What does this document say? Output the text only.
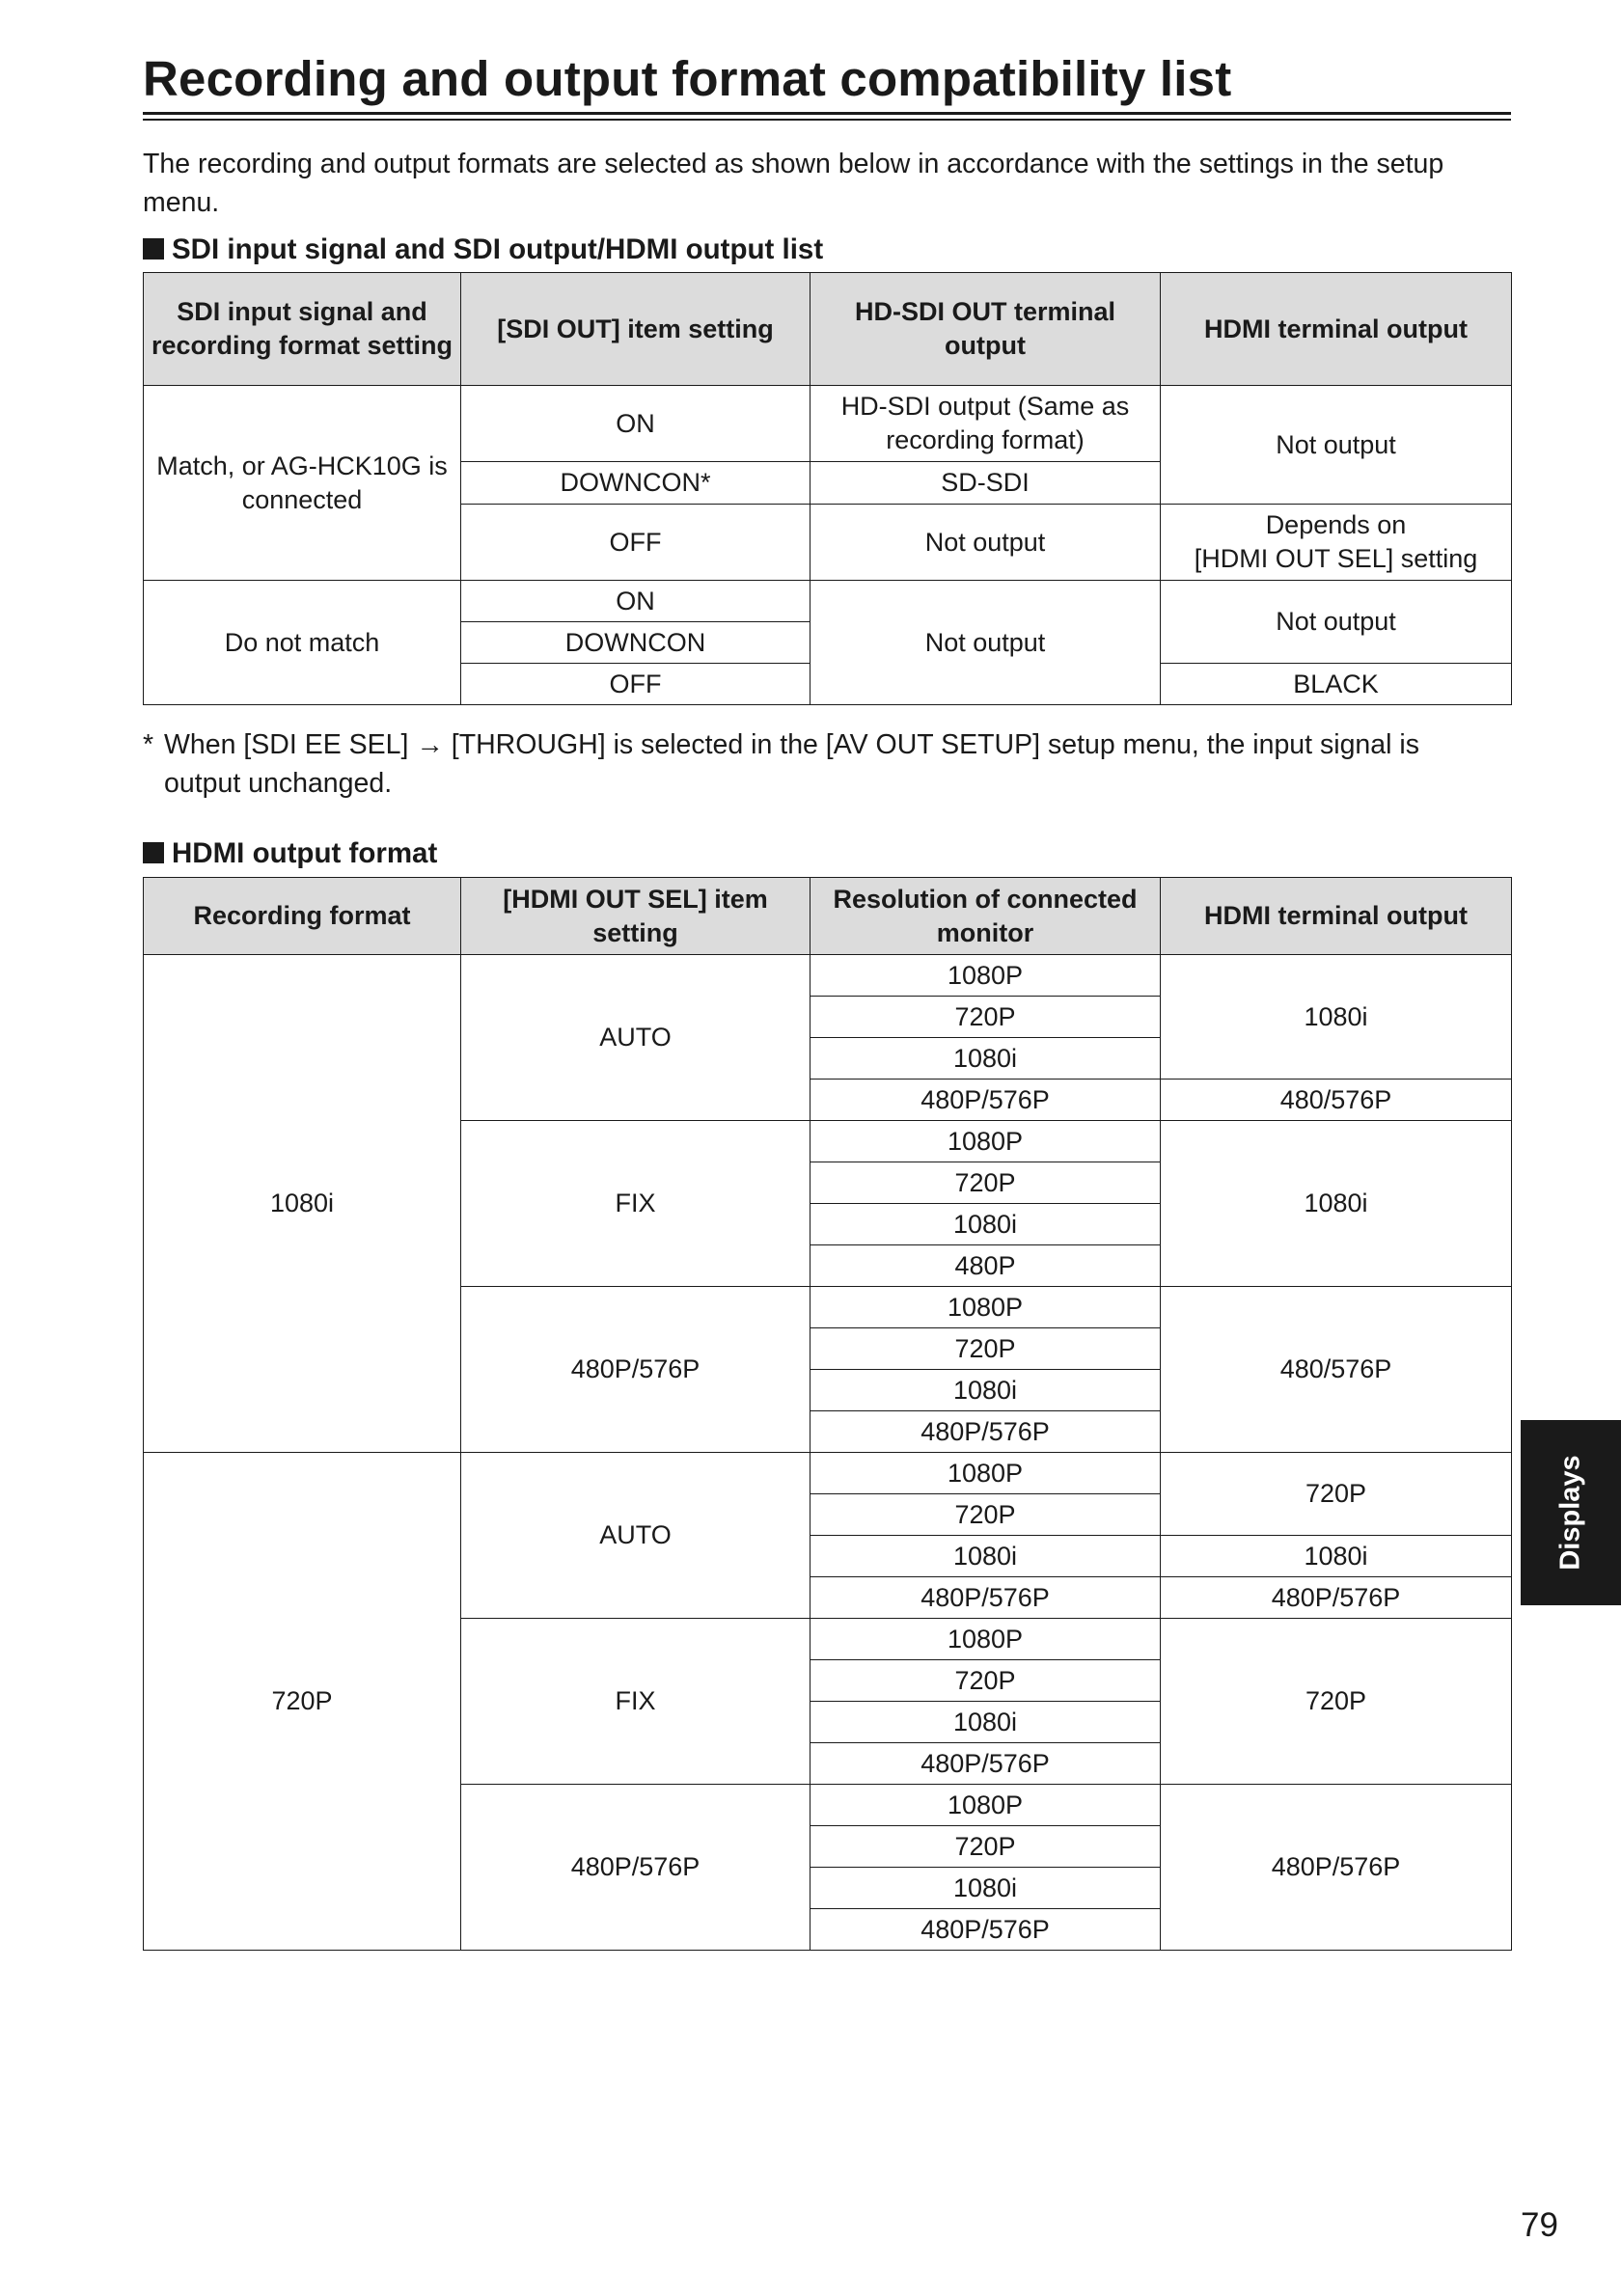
Recording and output format compatibility list

The recording and output formats are selected as shown below in accordance with the settings in the setup menu.

SDI input signal and SDI output/HDMI output list
SDI input signal and recording format setting	[SDI OUT] item setting	HD-SDI OUT terminal output	HDMI terminal output
Match, or AG-HCK10G is connected	ON	HD-SDI output (Same as recording format)	Not output
	DOWNCON*	SD-SDI	
	OFF	Not output	Depends on
[HDMI OUT SEL] setting
Do not match	ON	Not output	Not output
	DOWNCON		
	OFF		BLACK
* When [SDI EE SEL] → [THROUGH] is selected in the [AV OUT SETUP] setup menu, the input signal is
output unchanged.
HDMI output format
Recording format	[HDMI OUT SEL] item setting	Resolution of connected monitor	HDMI terminal output
1080i	AUTO	1080P	1080i
		720P	
		1080i	
		480P/576P	480/576P
	FIX	1080P	1080i
		720P	
		1080i	
		480P	
	480P/576P	1080P	480/576P
		720P	
		1080i	
		480P/576P	
720P	AUTO	1080P	720P
		720P	
		1080i	1080i
		480P/576P	480P/576P
	FIX	1080P	720P
		720P	
		1080i	
		480P/576P	
	480P/576P	1080P	480P/576P
		720P	
		1080i	
		480P/576P	
Displays
79
